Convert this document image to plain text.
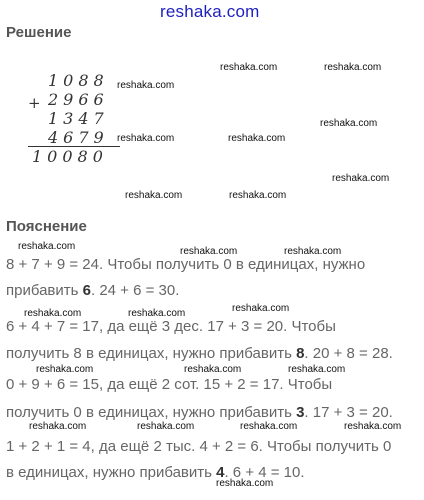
reshaka.com
Решение
+
1088
2966
1347
4679
10080
Пояснение
8 + 7 + 9 = 24. Чтобы получить 0 в единицах, нужно
прибавить 6. 24 + 6 = 30.
6 + 4 + 7 = 17, да ещё 3 дес. 17 + 3 = 20. Чтобы
получить 8 в единицах, нужно прибавить 8. 20 + 8 = 28.
0 + 9 + 6 = 15, да ещё 2 сот. 15 + 2 = 17. Чтобы
получить 0 в единицах, нужно прибавить 3. 17 + 3 = 20.
1 + 2 + 1 = 4, да ещё 2 тыс. 4 + 2 = 6. Чтобы получить 0
в единицах, нужно прибавить 4. 6 + 4 = 10.
reshaka.com	reshaka.com
reshaka.com
reshaka.com
reshaka.com	reshaka.com
reshaka.com
reshaka.com	reshaka.com
reshaka.com	reshaka.com	reshaka.com
reshaka.com
reshaka.com	reshaka.com
reshaka.com	reshaka.com	reshaka.com
reshaka.com	reshaka.com	reshaka.com	reshaka.com
reshaka.com
